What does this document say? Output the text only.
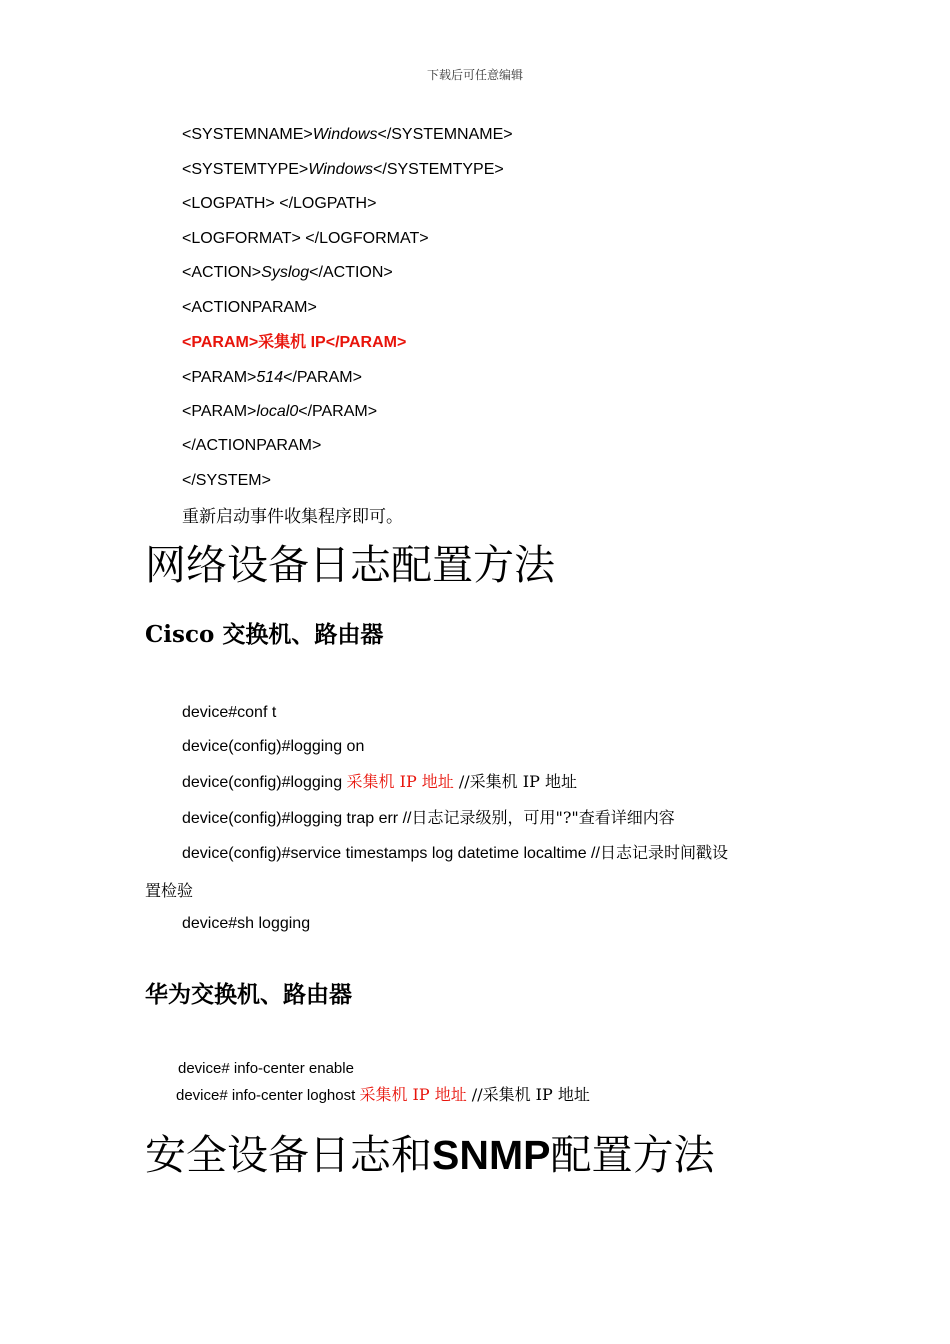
下载后可任意编辑
<SYSTEMNAME>Windows</SYSTEMNAME>
<SYSTEMTYPE>Windows</SYSTEMTYPE>
<LOGPATH> </LOGPATH>
<LOGFORMAT> </LOGFORMAT>
<ACTION>Syslog</ACTION>
<ACTIONPARAM>
<PARAM>采集机 IP</PARAM>
<PARAM>514</PARAM>
<PARAM>local0</PARAM>
</ACTIONPARAM>
</SYSTEM>
重新启动事件收集程序即可。
网络设备日志配置方法
Cisco 交换机、路由器
device#conf t
device(config)#logging on
device(config)#logging 采集机 IP 地址 //采集机 IP 地址
device(config)#logging trap err //日志记录级别，可用"?"查看详细内容
device(config)#service timestamps log datetime localtime //日志记录时间戳设
置检验
device#sh logging
华为交换机、路由器
device# info-center enable
device# info-center loghost 采集机 IP 地址 //采集机 IP 地址
安全设备日志和SNMP配置方法
